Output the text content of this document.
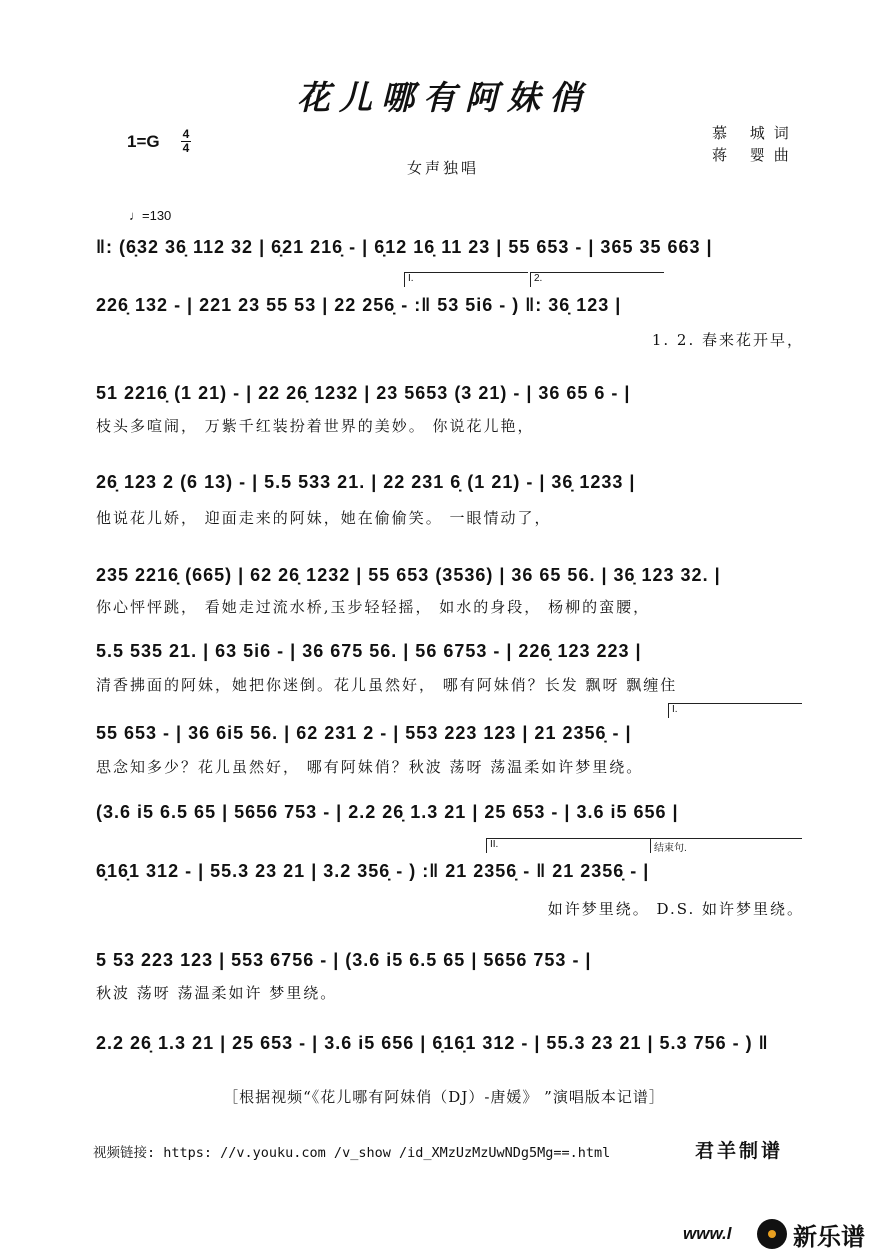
花儿哪有阿妹俏
1=G 4
4
慕 城词
蒋 婴曲
女声独唱
♩=130
‖: (6̣32 36̣ 112 32 | 6̣21 216̣ - | 6̣12 16̣ 11 23 | 55 653 - | 365 35 663 |
I.	2.
226̣ 132 - | 221 23 55 53 | 22 256̣ - :‖ 53 5i6 - ) ‖: 36̣ 123 |
1. 2. 春来花开早，
51 2216̣ (1 21) - | 22 26̣ 1232 | 23 5653 (3 21) - | 36 65 6 - |
枝头多喧闹， 万紫千红装扮着世界的美妙。 你说花儿艳，
26̣ 123 2 (6 13) - | 5.5 533 21. | 22 231 6̣ (1 21) - | 36̣ 1233 |
他说花儿娇， 迎面走来的阿妹，她在偷偷笑。 一眼情动了，
235 2216̣ (665) | 62 26̣ 1232 | 55 653 (3536) | 36 65 56. | 36̣ 123 32. |
你心怦怦跳， 看她走过流水桥,玉步轻轻摇， 如水的身段， 杨柳的蛮腰，
5.5 535 21. | 63 5i6 - | 36 675 56. | 56 6753 - | 226̣ 123 223 |
清香拂面的阿妹，她把你迷倒。花儿虽然好， 哪有阿妹俏？长发 飘呀 飘缠住
I.
55 653 - | 36 6i5 56. | 62 231 2 - | 553 223 123 | 21 2356̣ - |
思念知多少？花儿虽然好， 哪有阿妹俏？秋波 荡呀 荡温柔如许梦里绕。
(3.6 i5 6.5 65 | 5656 753 - | 2.2 26̣ 1.3 21 | 25 653 - | 3.6 i5 656 |
II.	结束句.
6̣16̣1 312 - | 55.3 23 21 | 3.2 356̣ - ) :‖ 21 2356̣ - ‖ 21 2356̣ - |
如许梦里绕。 D.S. 如许梦里绕。
5 53 223 123 | 553 6756 - | (3.6 i5 6.5 65 | 5656 753 - |
秋波 荡呀 荡温柔如许 梦里绕。
2.2 26̣ 1.3 21 | 25 653 - | 3.6 i5 656 | 6̣16̣1 312 - | 55.3 23 21 | 5.3 756 - ) ‖
［根据视频“《花儿哪有阿妹俏（DJ）-唐媛》 ”演唱版本记谱］
视频链接: https: //v.youku.com /v_show /id_XMzUzMzUwNDg5Mg==.html	君羊制谱
www.l	新乐谱
